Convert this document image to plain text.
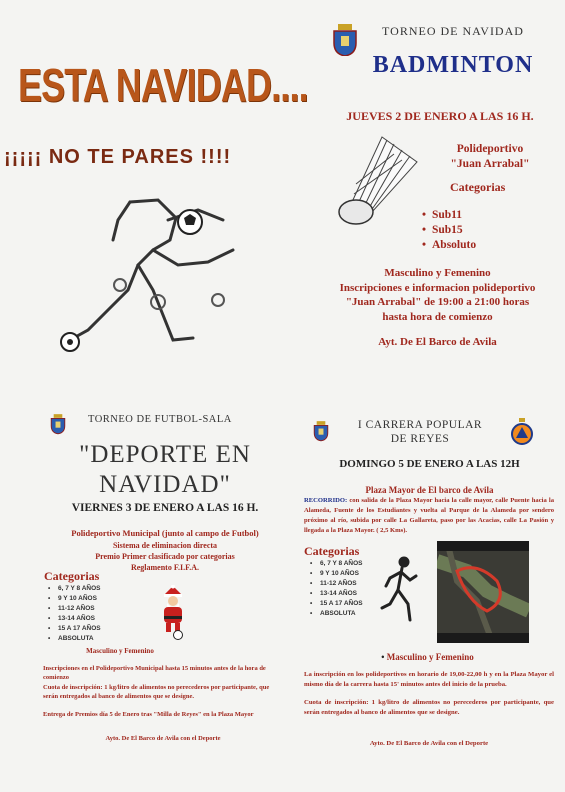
ESTA NAVIDAD....
¡¡¡¡¡ NO TE PARES !!!!
TORNEO DE NAVIDAD
BADMINTON
JUEVES 2 DE ENERO A LAS 16 H.
Polideportivo
"Juan Arrabal"
Categorias
• Sub11
• Sub15
• Absoluto
Masculino y Femenino
Inscripciones e informacion polideportivo
"Juan Arrabal" de 19:00 a 21:00 horas
hasta hora de comienzo
Ayt. De El Barco de Avila
TORNEO DE FUTBOL-SALA
"DEPORTE EN
NAVIDAD"
VIERNES 3 DE ENERO A LAS 16 H.
Polideportivo Municipal (junto al campo de Futbol)
Sistema de eliminacion directa
Premio Primer clasificado por categorias
Reglamento F.I.F.A.
Categorias
• 6, 7 Y 8 AÑOS
• 9 Y 10 AÑOS
• 11-12 AÑOS
• 13-14 AÑOS
• 15 A 17 AÑOS
• ABSOLUTA
Masculino y Femenino
Inscripciones en el Polideportivo Municipal hasta 15 minutos antes de la hora de comienzo
Cuota de inscripción: 1 kg/litro de alimentos no perecederos por participante, que serán entregados al banco de alimentos que se designe.
Entrega de Premios día 5 de Enero tras "Milla de Reyes" en la Plaza Mayor
Ayto. De El Barco de Avila con el Deporte
I CARRERA POPULAR
DE REYES
DOMINGO 5 DE ENERO A LAS 12H
Plaza Mayor de El barco de Avila
RECORRIDO: con salida de la Plaza Mayor hacia la calle mayor, calle Puente hacia la Alameda, Fuente de los Estudiantes y vuelta al Parque de la Alameda por sendero próximo al río, subida por calle La Gallareta, paso por las Acacias, calle La Pasión y llegada a la Plaza Mayor. ( 2,5 Kms).
Categorias
• 6, 7 Y 8 AÑOS
• 9 Y 10 AÑOS
• 11-12 AÑOS
• 13-14 AÑOS
• 15 A 17 AÑOS
• ABSOLUTA
• Masculino y Femenino
La inscripción en los polideportivos en horario de 19,00-22,00 h y en la Plaza Mayor el mismo día de la carrera hasta 15' minutos antes del inicio de la prueba.
Cuota de inscripción: 1 kg/litro de alimentos no perecederos por participante, que serán entregados al banco de alimentos que se designe.
Ayto. De El Barco de Avila con el Deporte
